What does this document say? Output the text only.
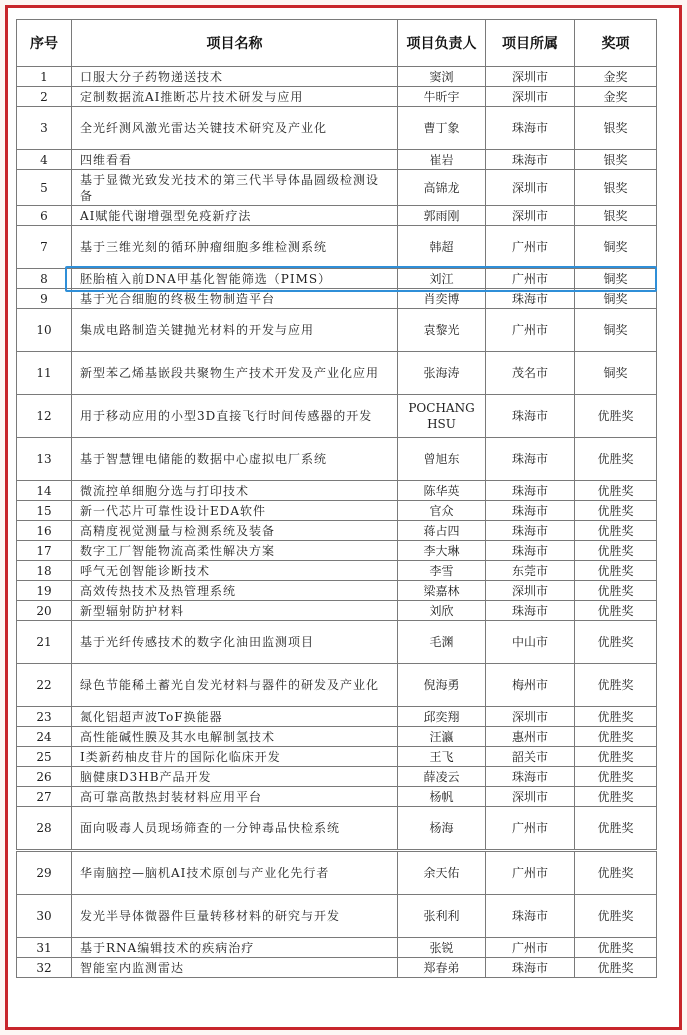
序号	项目名称	项目负责人	项目所属	奖项
1	口服大分子药物递送技术	窦浏	深圳市	金奖
2	定制数据流AI推断芯片技术研发与应用	牛昕宇	深圳市	金奖
3	全光纤测风激光雷达关键技术研究及产业化	曹丁象	珠海市	银奖
4	四维看看	崔岩	珠海市	银奖
5	基于显微光致发光技术的第三代半导体晶圆级检测设备	高锦龙	深圳市	银奖
6	AI赋能代谢增强型免疫新疗法	郭雨刚	深圳市	银奖
7	基于三维光刻的循环肿瘤细胞多维检测系统	韩超	广州市	铜奖
8	胚胎植入前DNA甲基化智能筛选（PIMS）	刘江	广州市	铜奖
9	基于光合细胞的终极生物制造平台	肖奕博	珠海市	铜奖
10	集成电路制造关键抛光材料的开发与应用	袁黎光	广州市	铜奖
11	新型苯乙烯基嵌段共聚物生产技术开发及产业化应用	张海涛	茂名市	铜奖
12	用于移动应用的小型3D直接飞行时间传感器的开发	POCHANG HSU	珠海市	优胜奖
13	基于智慧锂电储能的数据中心虚拟电厂系统	曾旭东	珠海市	优胜奖
14	微流控单细胞分选与打印技术	陈华英	珠海市	优胜奖
15	新一代芯片可靠性设计EDA软件	官众	珠海市	优胜奖
16	高精度视觉测量与检测系统及装备	蒋占四	珠海市	优胜奖
17	数字工厂智能物流高柔性解决方案	李大琳	珠海市	优胜奖
18	呼气无创智能诊断技术	李雪	东莞市	优胜奖
19	高效传热技术及热管理系统	梁嘉林	深圳市	优胜奖
20	新型辐射防护材料	刘欣	珠海市	优胜奖
21	基于光纤传感技术的数字化油田监测项目	毛渊	中山市	优胜奖
22	绿色节能稀土蓄光自发光材料与器件的研发及产业化	倪海勇	梅州市	优胜奖
23	氮化铝超声波ToF换能器	邱奕翔	深圳市	优胜奖
24	高性能碱性膜及其水电解制氢技术	汪瀛	惠州市	优胜奖
25	Ⅰ类新药柚皮苷片的国际化临床开发	王飞	韶关市	优胜奖
26	脑健康D3HB产品开发	薛凌云	珠海市	优胜奖
27	高可靠高散热封装材料应用平台	杨帆	深圳市	优胜奖
28	面向吸毒人员现场筛查的一分钟毒品快检系统	杨海	广州市	优胜奖
29	华南脑控—脑机AI技术原创与产业化先行者	余天佑	广州市	优胜奖
30	发光半导体微器件巨量转移材料的研究与开发	张利利	珠海市	优胜奖
31	基于RNA编辑技术的疾病治疗	张锐	广州市	优胜奖
32	智能室内监测雷达	郑春弟	珠海市	优胜奖
